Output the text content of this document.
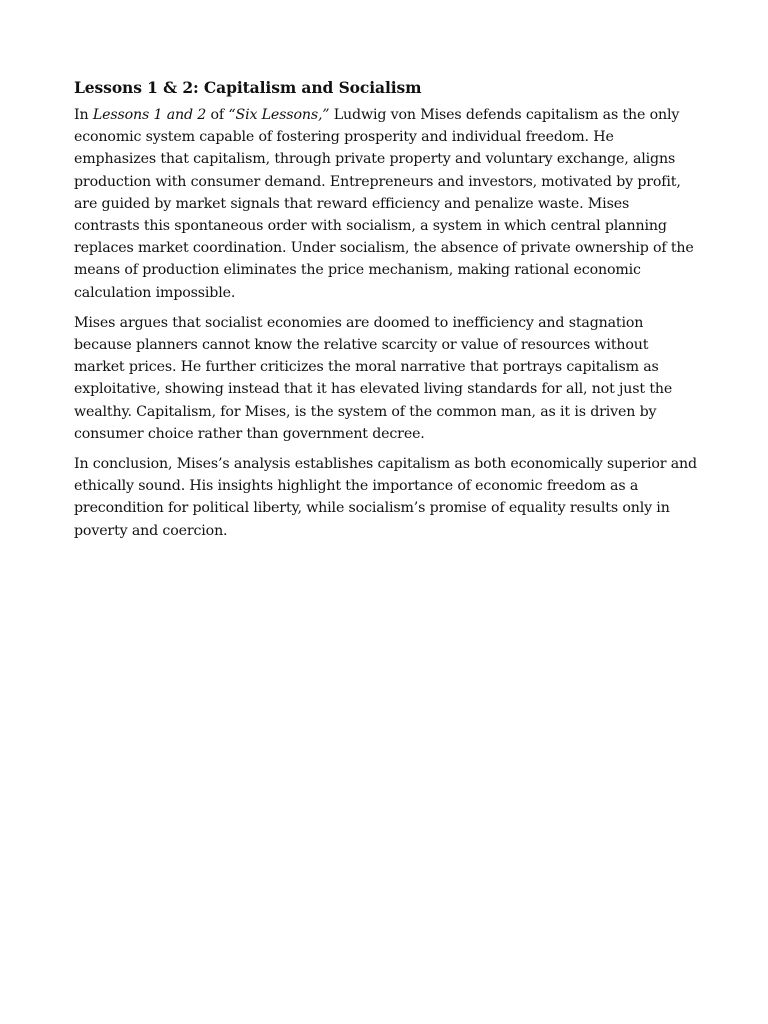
Lessons 1 & 2: Capitalism and Socialism

In Lessons 1 and 2 of “Six Lessons,” Ludwig von Mises defends capitalism as the only economic system capable of fostering prosperity and individual freedom. He emphasizes that capitalism, through private property and voluntary exchange, aligns production with consumer demand. Entrepreneurs and investors, motivated by profit, are guided by market signals that reward efficiency and penalize waste. Mises contrasts this spontaneous order with socialism, a system in which central planning replaces market coordination. Under socialism, the absence of private ownership of the means of production eliminates the price mechanism, making rational economic calculation impossible.

Mises argues that socialist economies are doomed to inefficiency and stagnation because planners cannot know the relative scarcity or value of resources without market prices. He further criticizes the moral narrative that portrays capitalism as exploitative, showing instead that it has elevated living standards for all, not just the wealthy. Capitalism, for Mises, is the system of the common man, as it is driven by consumer choice rather than government decree.

In conclusion, Mises’s analysis establishes capitalism as both economically superior and ethically sound. His insights highlight the importance of economic freedom as a precondition for political liberty, while socialism’s promise of equality results only in poverty and coercion.
